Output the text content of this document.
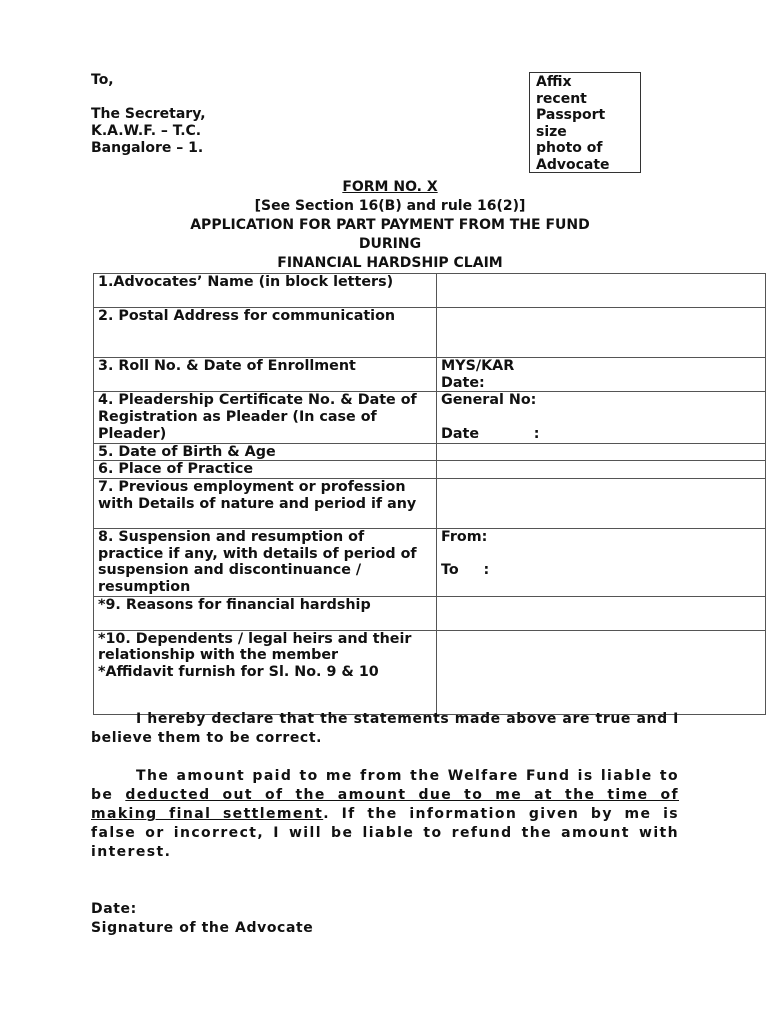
To,
The Secretary,
K.A.W.F. – T.C.
Bangalore – 1.
Affix
recent
Passport
size
photo of
Advocate
FORM NO. X
[See Section 16(B) and rule 16(2)]
APPLICATION FOR PART PAYMENT FROM THE FUND
DURING
FINANCIAL HARDSHIP CLAIM
1.Advocates’ Name (in block letters)	
2. Postal Address for communication	
3. Roll No. & Date of Enrollment	MYS/KAR
Date:

4. Pleadership Certificate No. & Date of Registration as Pleader (In case of Pleader)	General No:
Date           :

5. Date of Birth & Age	
6. Place of Practice	
7. Previous employment or profession with Details of nature and period if any	
8. Suspension and resumption of practice if any, with details of period of suspension and discontinuance / resumption	From:
To     :

*9. Reasons for financial hardship	

*10. Dependents / legal heirs and their relationship with the member
*Affidavit furnish for Sl. No. 9 & 10	

I hereby declare that the statements made above are true and I believe them to be correct.

The amount paid to me from the Welfare Fund is liable to be deducted out of the amount due to me at the time of making final settlement. If the information given by me is false or incorrect, I will be liable to refund the amount with interest.

Date:
Signature of the Advocate
